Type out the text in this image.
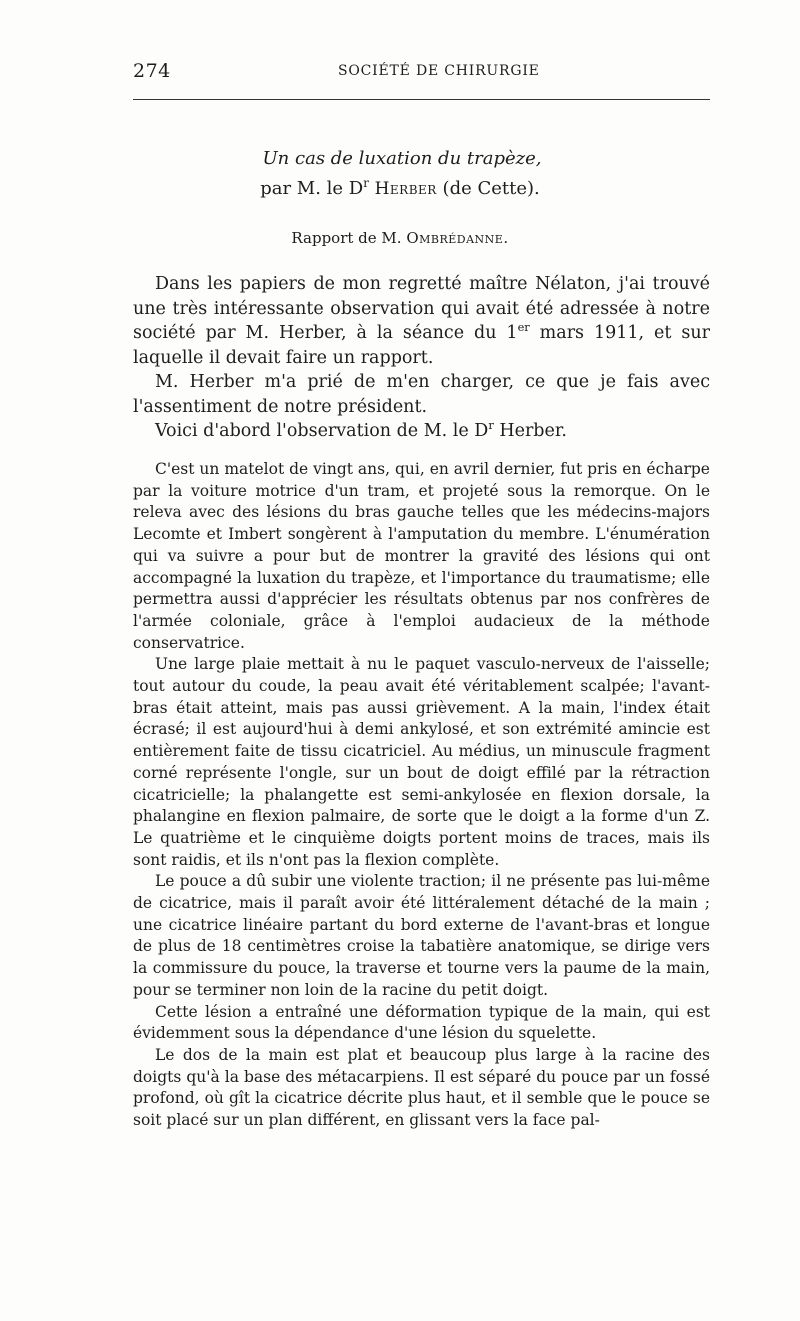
274	SOCIÉTÉ DE CHIRURGIE
Un cas de luxation du trapèze,
par M. le $D^r$ Herber (de Cette).
Rapport de M. Ombrédanne.

Dans les papiers de mon regretté maître Nélaton, j'ai trouvé une très intéressante observation qui avait été adressée à notre société par M. Herber, à la séance du 1er mars 1911, et sur laquelle il devait faire un rapport.

M. Herber m'a prié de m'en charger, ce que je fais avec l'assentiment de notre président.

Voici d'abord l'observation de M. le $D^r$ Herber.

C'est un matelot de vingt ans, qui, en avril dernier, fut pris en écharpe par la voiture motrice d'un tram, et projeté sous la remorque. On le releva avec des lésions du bras gauche telles que les médecins-majors Lecomte et Imbert songèrent à l'amputation du membre. L'énumération qui va suivre a pour but de montrer la gravité des lésions qui ont accompagné la luxation du trapèze, et l'importance du traumatisme; elle permettra aussi d'apprécier les résultats obtenus par nos confrères de l'armée coloniale, grâce à l'emploi audacieux de la méthode conservatrice.

Une large plaie mettait à nu le paquet vasculo-nerveux de l'aisselle; tout autour du coude, la peau avait été véritablement scalpée; l'avant-bras était atteint, mais pas aussi grièvement. A la main, l'index était écrasé; il est aujourd'hui à demi ankylosé, et son extrémité amincie est entièrement faite de tissu cicatriciel. Au médius, un minuscule fragment corné représente l'ongle, sur un bout de doigt effilé par la rétraction cicatricielle; la phalangette est semi-ankylosée en flexion dorsale, la phalangine en flexion palmaire, de sorte que le doigt a la forme d'un Z. Le quatrième et le cinquième doigts portent moins de traces, mais ils sont raidis, et ils n'ont pas la flexion complète.

Le pouce a dû subir une violente traction; il ne présente pas lui-même de cicatrice, mais il paraît avoir été littéralement détaché de la main ; une cicatrice linéaire partant du bord externe de l'avant-bras et longue de plus de 18 centimètres croise la tabatière anatomique, se dirige vers la commissure du pouce, la traverse et tourne vers la paume de la main, pour se terminer non loin de la racine du petit doigt.

Cette lésion a entraîné une déformation typique de la main, qui est évidemment sous la dépendance d'une lésion du squelette.

Le dos de la main est plat et beaucoup plus large à la racine des doigts qu'à la base des métacarpiens. Il est séparé du pouce par un fossé profond, où gît la cicatrice décrite plus haut, et il semble que le pouce se soit placé sur un plan différent, en glissant vers la face pal-
